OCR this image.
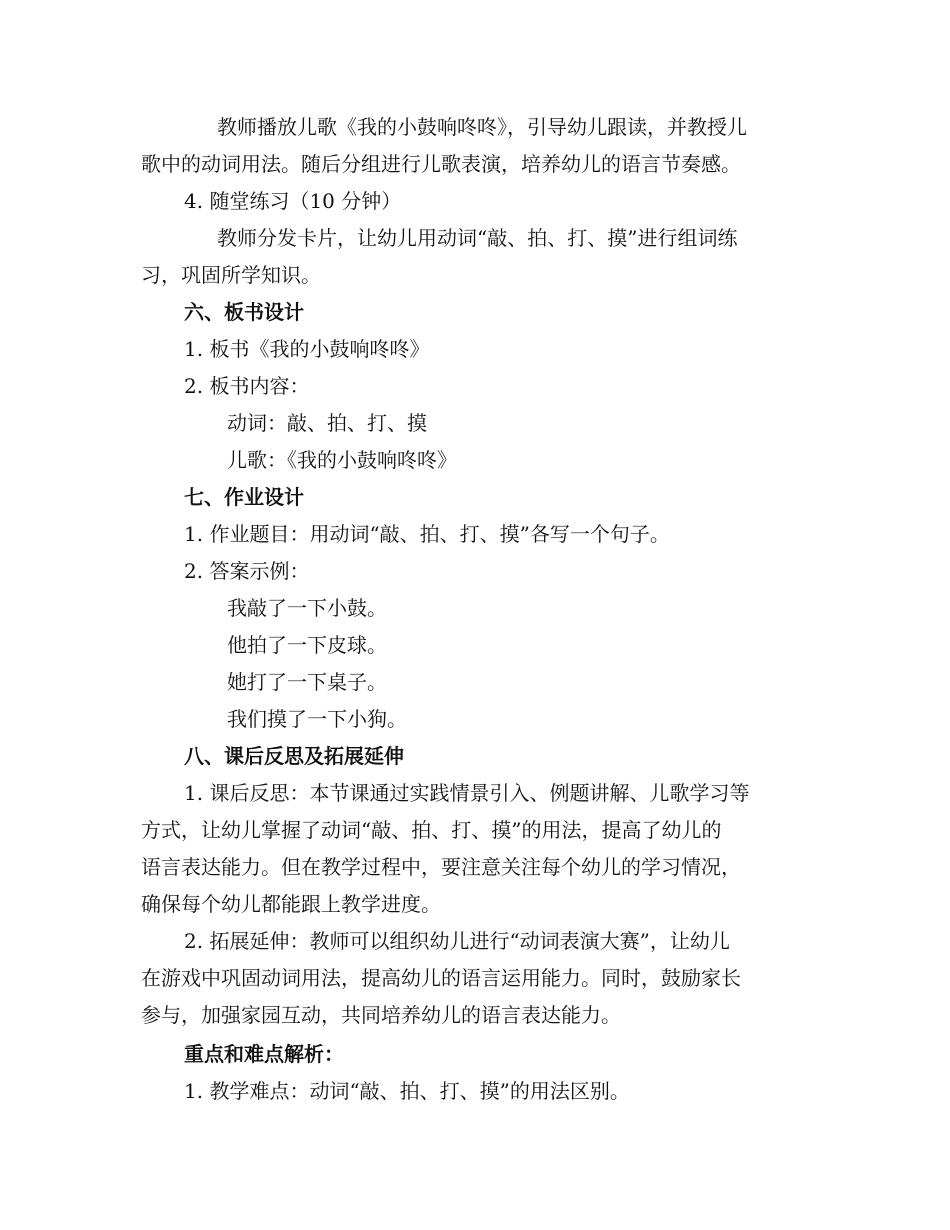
教师播放儿歌《我的小鼓响咚咚》，引导幼儿跟读，并教授儿
歌中的动词用法。随后分组进行儿歌表演，培养幼儿的语言节奏感。
4. 随堂练习（10 分钟）
教师分发卡片，让幼儿用动词“敲、拍、打、摸”进行组词练
习，巩固所学知识。
六、板书设计
1. 板书《我的小鼓响咚咚》
2. 板书内容：
动词：敲、拍、打、摸
儿歌：《我的小鼓响咚咚》
七、作业设计
1. 作业题目：用动词“敲、拍、打、摸”各写一个句子。
2. 答案示例：
我敲了一下小鼓。
他拍了一下皮球。
她打了一下桌子。
我们摸了一下小狗。
八、课后反思及拓展延伸
1. 课后反思：本节课通过实践情景引入、例题讲解、儿歌学习等
方式，让幼儿掌握了动词“敲、拍、打、摸”的用法，提高了幼儿的
语言表达能力。但在教学过程中，要注意关注每个幼儿的学习情况，
确保每个幼儿都能跟上教学进度。
2. 拓展延伸：教师可以组织幼儿进行“动词表演大赛”，让幼儿
在游戏中巩固动词用法，提高幼儿的语言运用能力。同时，鼓励家长
参与，加强家园互动，共同培养幼儿的语言表达能力。
重点和难点解析：
1. 教学难点：动词“敲、拍、打、摸”的用法区别。
